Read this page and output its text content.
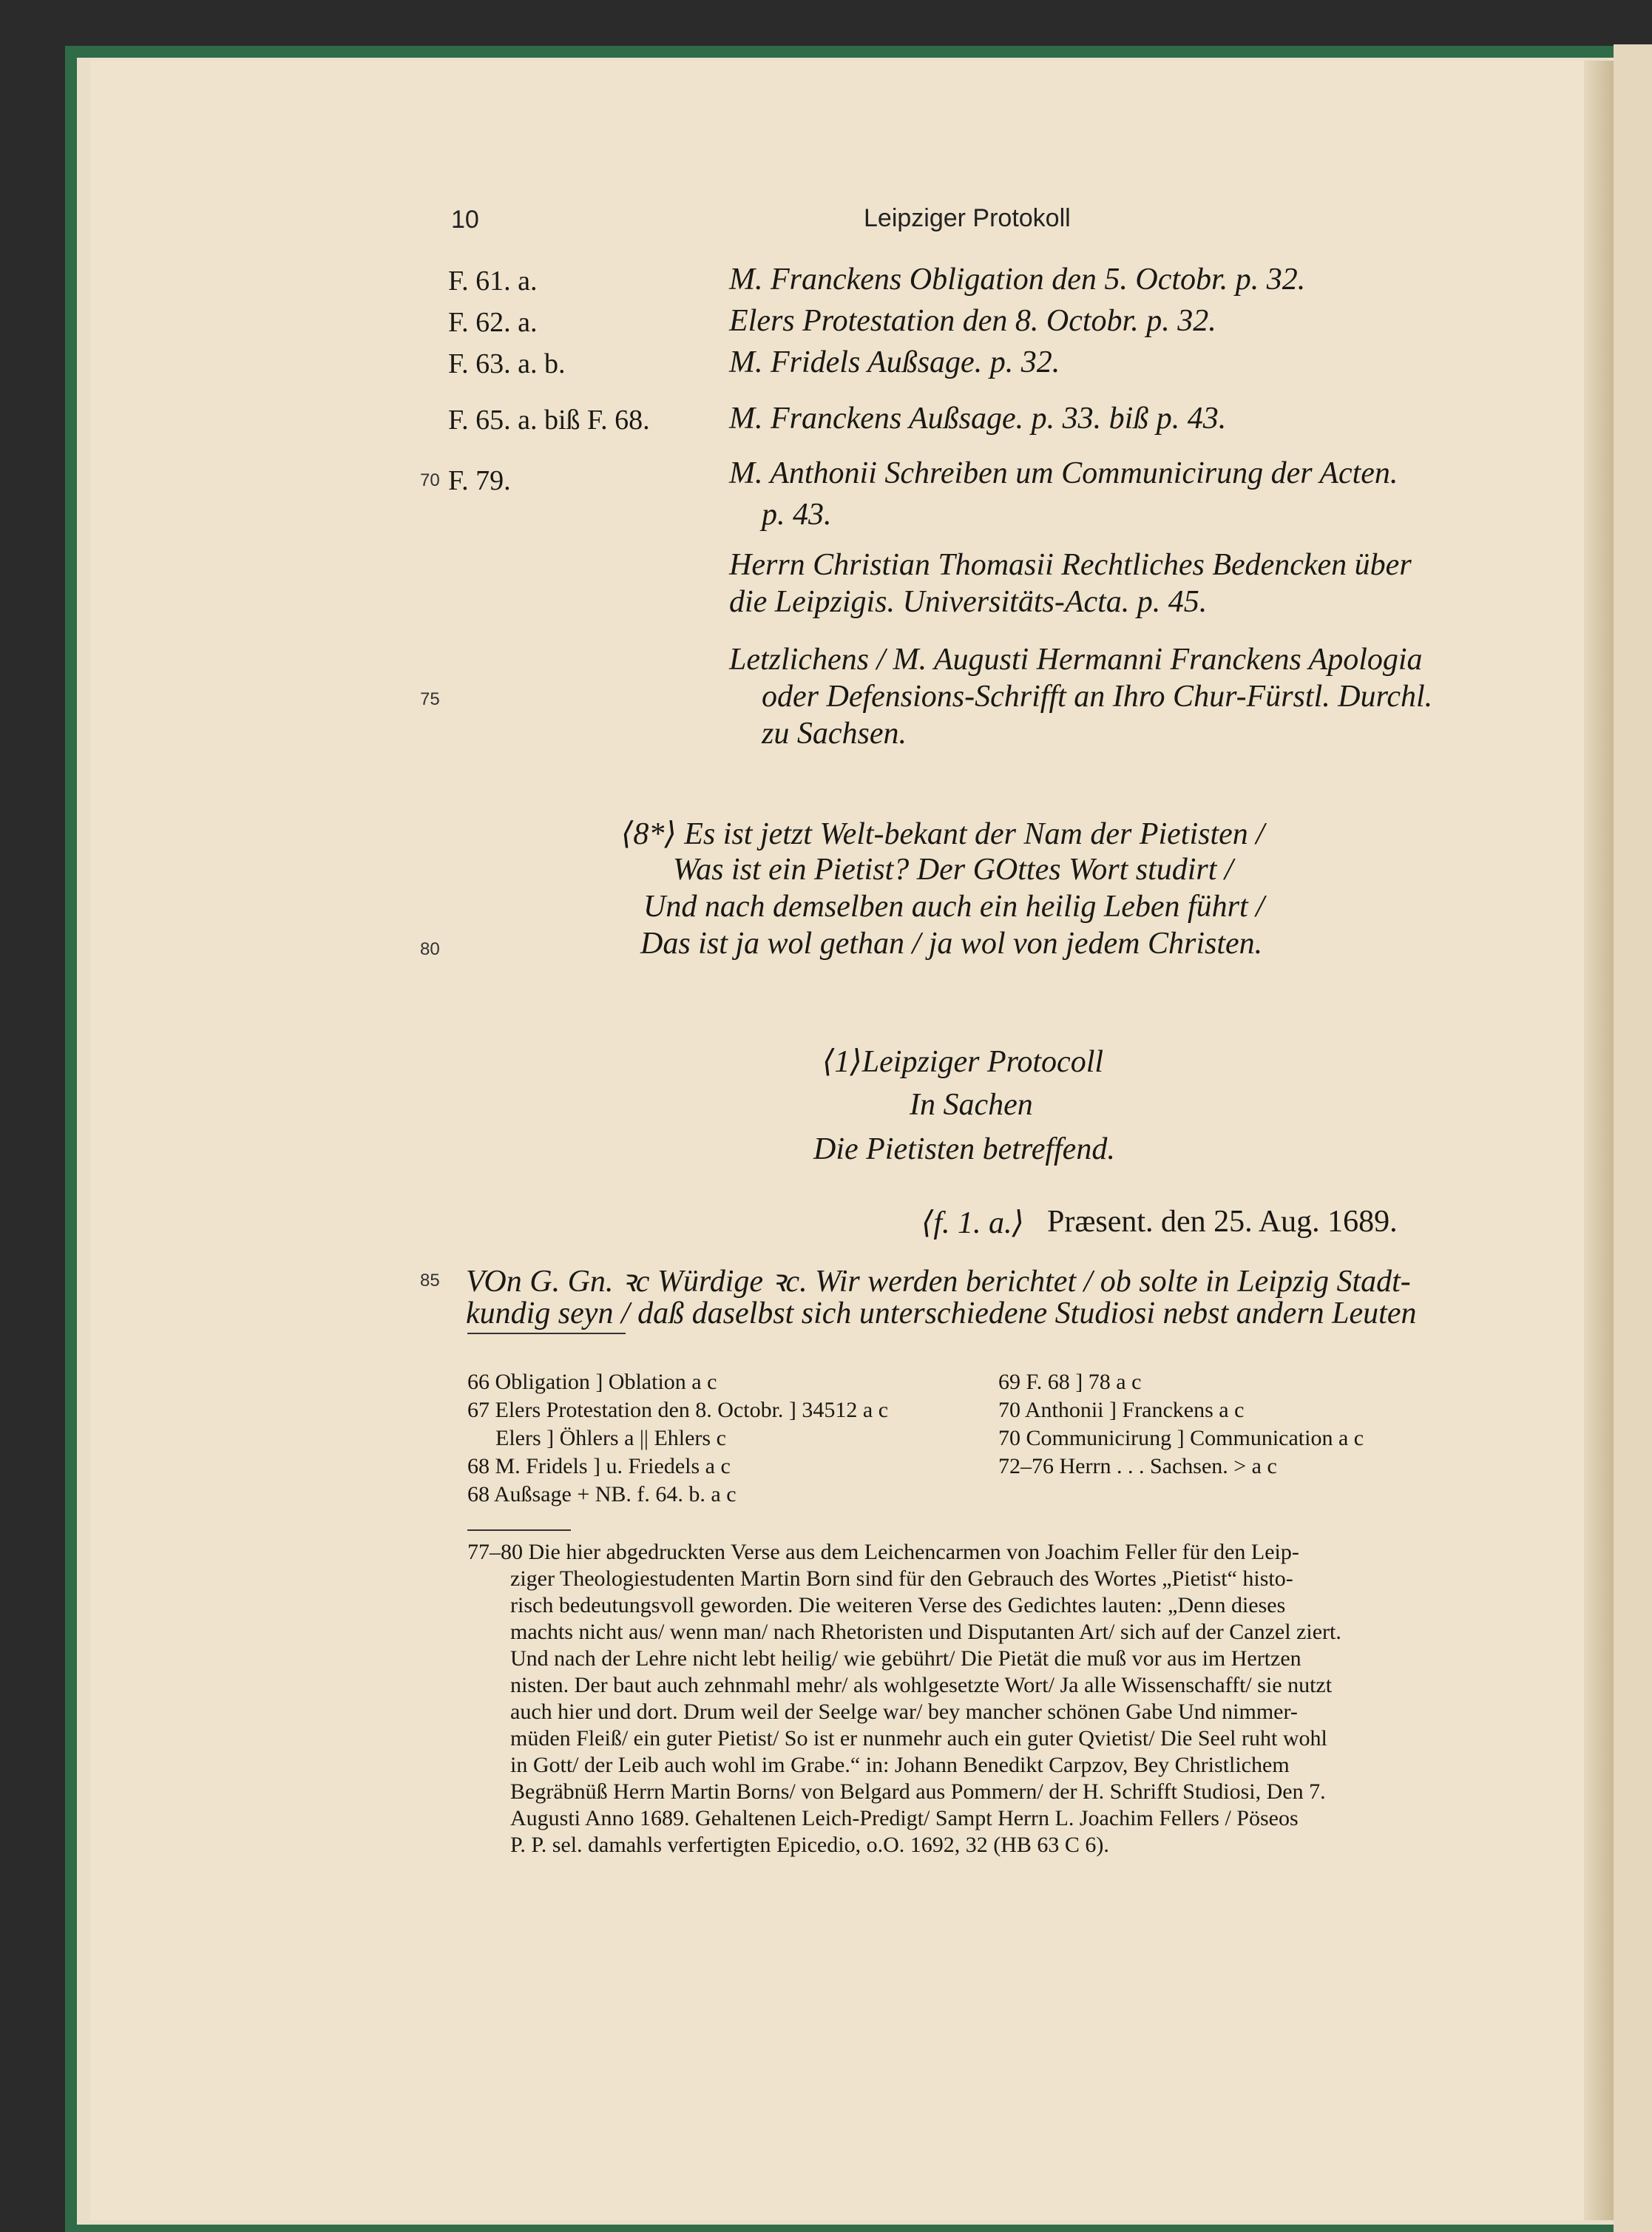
10	Leipziger Protokoll
70
75
80
85
F. 61. a.	M. Franckens Obligation den 5. Octobr. p. 32.
F. 62. a.	Elers Protestation den 8. Octobr. p. 32.
F. 63. a. b.	M. Fridels Außsage. p. 32.
F. 65. a. biß F. 68.	M. Franckens Außsage. p. 33. biß p. 43.
F. 79.	M. Anthonii Schreiben um Communicirung der Acten.
p. 43.
Herrn Christian Thomasii Rechtliches Bedencken über
die Leipzigis. Universitäts-Acta. p. 45.
Letzlichens / M. Augusti Hermanni Franckens Apologia
oder Defensions-Schrifft an Ihro Chur-Fürstl. Durchl.
zu Sachsen.
⟨8*⟩ Es ist jetzt Welt-bekant der Nam der Pietisten /
Was ist ein Pietist? Der GOttes Wort studirt /
Und nach demselben auch ein heilig Leben führt /
Das ist ja wol gethan / ja wol von jedem Christen.
⟨1⟩Leipziger Protocoll
In Sachen
Die Pietisten betreffend.
⟨f. 1. a.⟩ Præsent. den 25. Aug. 1689.
VOn G. Gn. ꝛc Würdige ꝛc. Wir werden berichtet / ob solte in Leipzig Stadt-
kundig seyn / daß daselbst sich unterschiedene Studiosi nebst andern Leuten
66 Obligation ] Oblation a c
67 Elers Protestation den 8. Octobr. ] 34512 a c
Elers ] Öhlers a || Ehlers c
68 M. Fridels ] u. Friedels a c
68 Außsage + NB. f. 64. b. a c
69 F. 68 ] 78 a c
70 Anthonii ] Franckens a c
70 Communicirung ] Communication a c
72–76 Herrn . . . Sachsen. > a c
77–80 Die hier abgedruckten Verse aus dem Leichencarmen von Joachim Feller für den Leip-
ziger Theologiestudenten Martin Born sind für den Gebrauch des Wortes „Pietist“ histo-
risch bedeutungsvoll geworden. Die weiteren Verse des Gedichtes lauten: „Denn dieses
machts nicht aus/ wenn man/ nach Rhetoristen und Disputanten Art/ sich auf der Canzel ziert.
Und nach der Lehre nicht lebt heilig/ wie gebührt/ Die Pietät die muß vor aus im Hertzen
nisten. Der baut auch zehnmahl mehr/ als wohlgesetzte Wort/ Ja alle Wissenschafft/ sie nutzt
auch hier und dort. Drum weil der Seelge war/ bey mancher schönen Gabe Und nimmer-
müden Fleiß/ ein guter Pietist/ So ist er nunmehr auch ein guter Qvietist/ Die Seel ruht wohl
in Gott/ der Leib auch wohl im Grabe.“ in: Johann Benedikt Carpzov, Bey Christlichem
Begräbnüß Herrn Martin Borns/ von Belgard aus Pommern/ der H. Schrifft Studiosi, Den 7.
Augusti Anno 1689. Gehaltenen Leich-Predigt/ Sampt Herrn L. Joachim Fellers / Pöseos
P. P. sel. damahls verfertigten Epicedio, o.O. 1692, 32 (HB 63 C 6).
